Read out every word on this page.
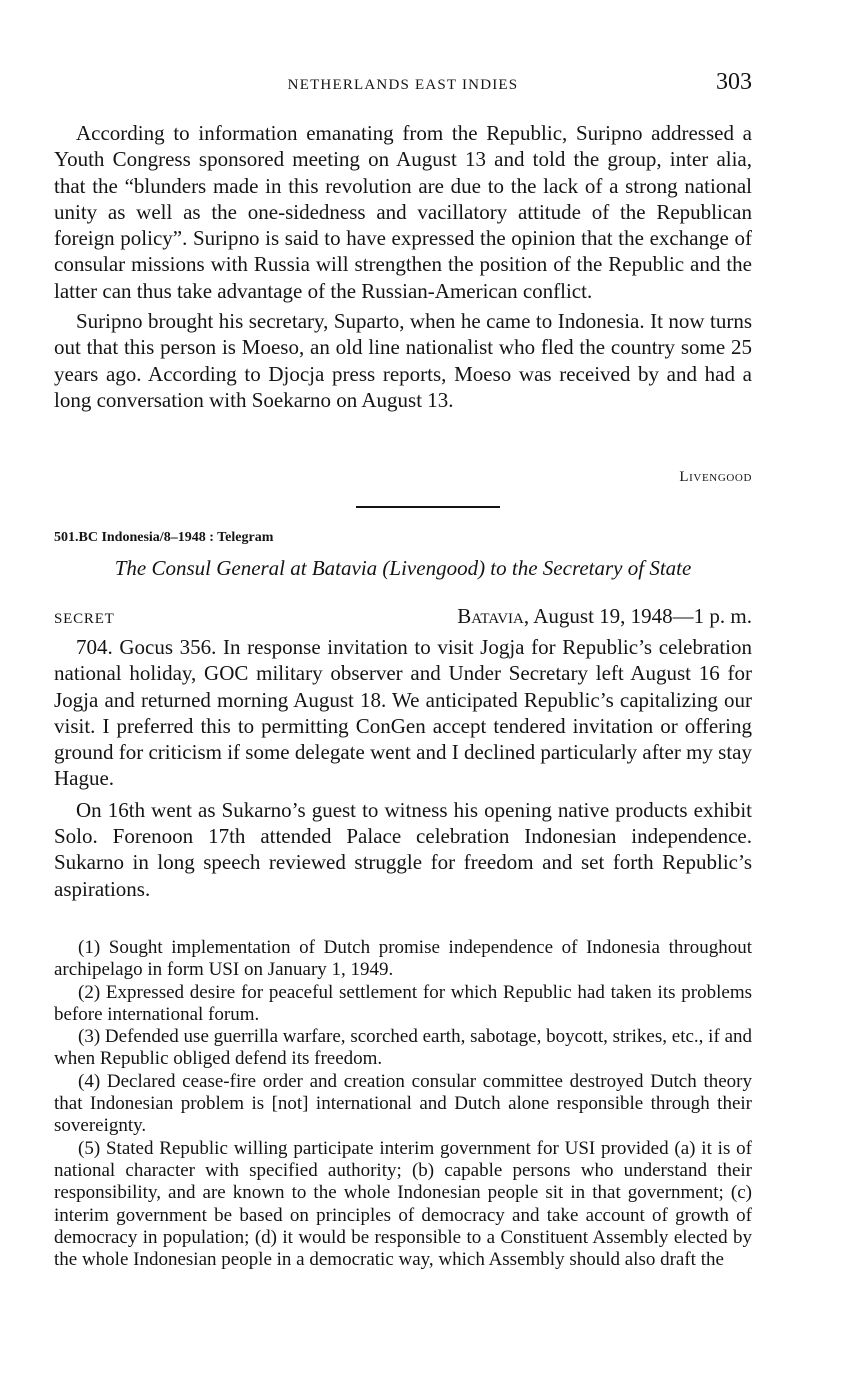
NETHERLANDS EAST INDIES	303

According to information emanating from the Republic, Suripno addressed a Youth Congress sponsored meeting on August 13 and told the group, inter alia, that the “blunders made in this revolution are due to the lack of a strong national unity as well as the one-sidedness and vacillatory attitude of the Republican foreign policy”. Suripno is said to have expressed the opinion that the exchange of consular missions with Russia will strengthen the position of the Republic and the latter can thus take advantage of the Russian-American conflict.

Suripno brought his secretary, Suparto, when he came to Indonesia. It now turns out that this person is Moeso, an old line nationalist who fled the country some 25 years ago. According to Djocja press reports, Moeso was received by and had a long conversation with Soekarno on August 13.

Livengood
501.BC Indonesia/8–1948 : Telegram
The Consul General at Batavia (Livengood) to the Secretary of State
SECRET	Batavia, August 19, 1948—1 p. m.

704. Gocus 356. In response invitation to visit Jogja for Republic’s celebration national holiday, GOC military observer and Under Secretary left August 16 for Jogja and returned morning August 18. We anticipated Republic’s capitalizing our visit. I preferred this to permitting ConGen accept tendered invitation or offering ground for criticism if some delegate went and I declined particularly after my stay Hague.

On 16th went as Sukarno’s guest to witness his opening native products exhibit Solo. Forenoon 17th attended Palace celebration Indonesian independence. Sukarno in long speech reviewed struggle for freedom and set forth Republic’s aspirations.

(1) Sought implementation of Dutch promise independence of Indonesia throughout archipelago in form USI on January 1, 1949.

(2) Expressed desire for peaceful settlement for which Republic had taken its problems before international forum.

(3) Defended use guerrilla warfare, scorched earth, sabotage, boycott, strikes, etc., if and when Republic obliged defend its freedom.

(4) Declared cease-fire order and creation consular committee destroyed Dutch theory that Indonesian problem is [not] international and Dutch alone responsible through their sovereignty.

(5) Stated Republic willing participate interim government for USI provided (a) it is of national character with specified authority; (b) capable persons who understand their responsibility, and are known to the whole Indonesian people sit in that government; (c) interim government be based on principles of democracy and take account of growth of democracy in population; (d) it would be responsible to a Constituent Assembly elected by the whole Indonesian people in a democratic way, which Assembly should also draft the
